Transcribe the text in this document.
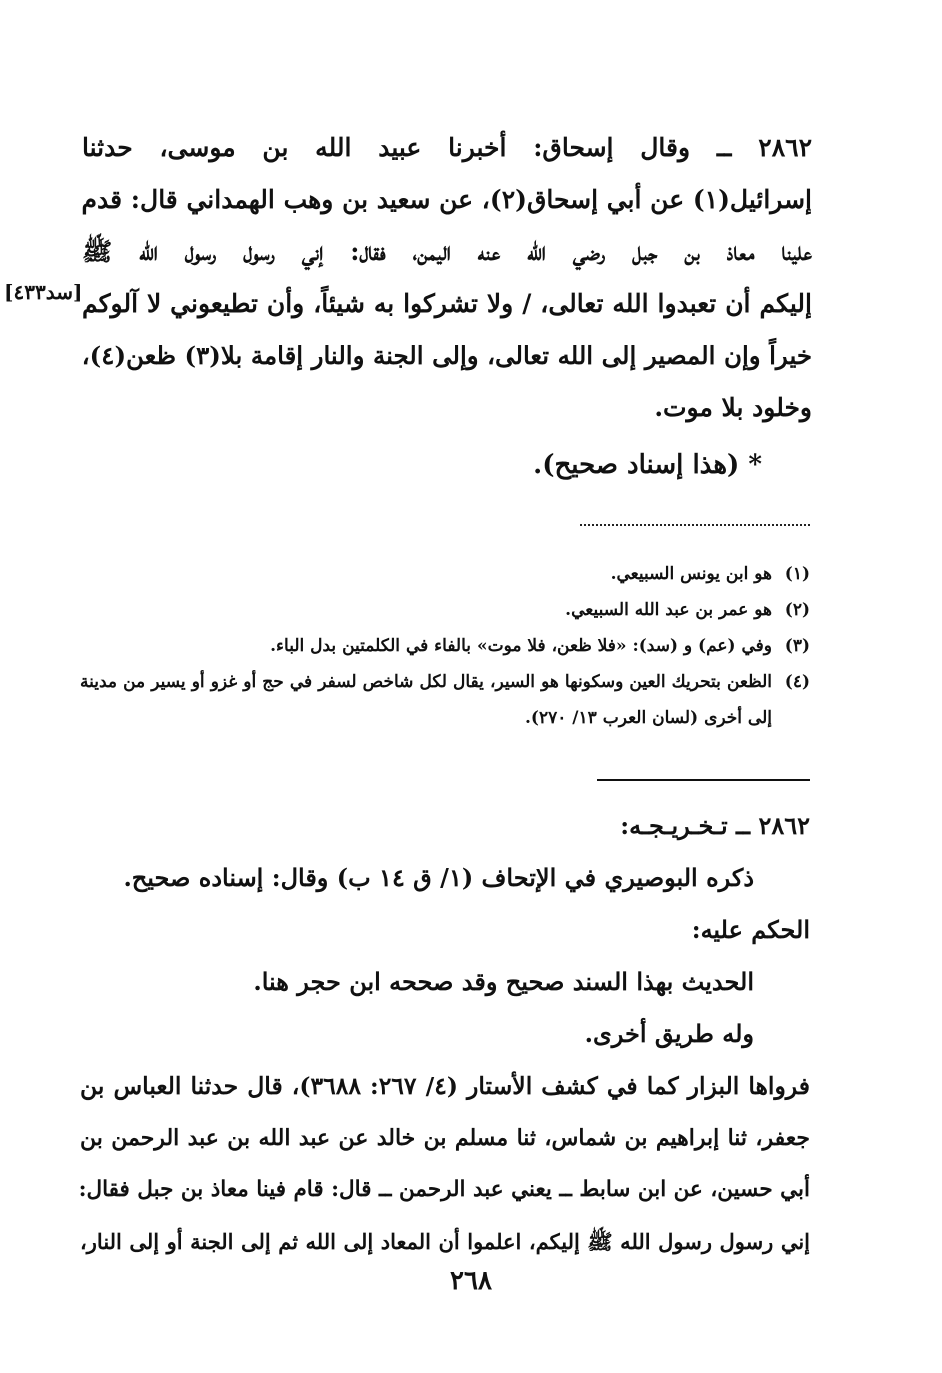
٢٨٦٢ ــ وقال إسحاق: أخبرنا عبيد الله بن موسى، حدثنا
إسرائيل(١) عن أبي إسحاق(٢)، عن سعيد بن وهب الهمداني قال: قدم
علينا معاذ بن جبل رضي الله عنه اليمن، فقال: إني رسول رسول الله ﷺ
إليكم أن تعبدوا الله تعالى، / ولا تشركوا به شيئاً، وأن تطيعوني لا آلوكم
خيراً وإن المصير إلى الله تعالى، وإلى الجنة والنار إقامة بلا(٣) ظعن(٤)،
وخلود بلا موت.
[سد٤٣٣]
* (هذا إسناد صحيح).
(١)
هو ابن يونس السبيعي.
(٢)
هو عمر بن عبد الله السبيعي.
(٣)
وفي (عم) و (سد): «فلا ظعن، فلا موت» بالفاء في الكلمتين بدل الباء.
(٤)
الظعن بتحريك العين وسكونها هو السير، يقال لكل شاخص لسفر في حج أو غزو أو يسير من مدينة إلى أخرى (لسان العرب ١٣/ ٢٧٠).
٢٨٦٢ ــ تـخـريـجـه:
ذكره البوصيري في الإتحاف (١/ ق ١٤ ب) وقال: إسناده صحيح.
الحكم عليه:
الحديث بهذا السند صحيح وقد صححه ابن حجر هنا.
وله طريق أخرى.
فرواها البزار كما في كشف الأستار (٤/ ٢٦٧: ٣٦٨٨)، قال حدثنا العباس بن
جعفر، ثنا إبراهيم بن شماس، ثنا مسلم بن خالد عن عبد الله بن عبد الرحمن بن
أبي حسين، عن ابن سابط ــ يعني عبد الرحمن ــ قال: قام فينا معاذ بن جبل فقال:
إني رسول رسول الله ﷺ إليكم، اعلموا أن المعاد إلى الله ثم إلى الجنة أو إلى النار،
٢٦٨
